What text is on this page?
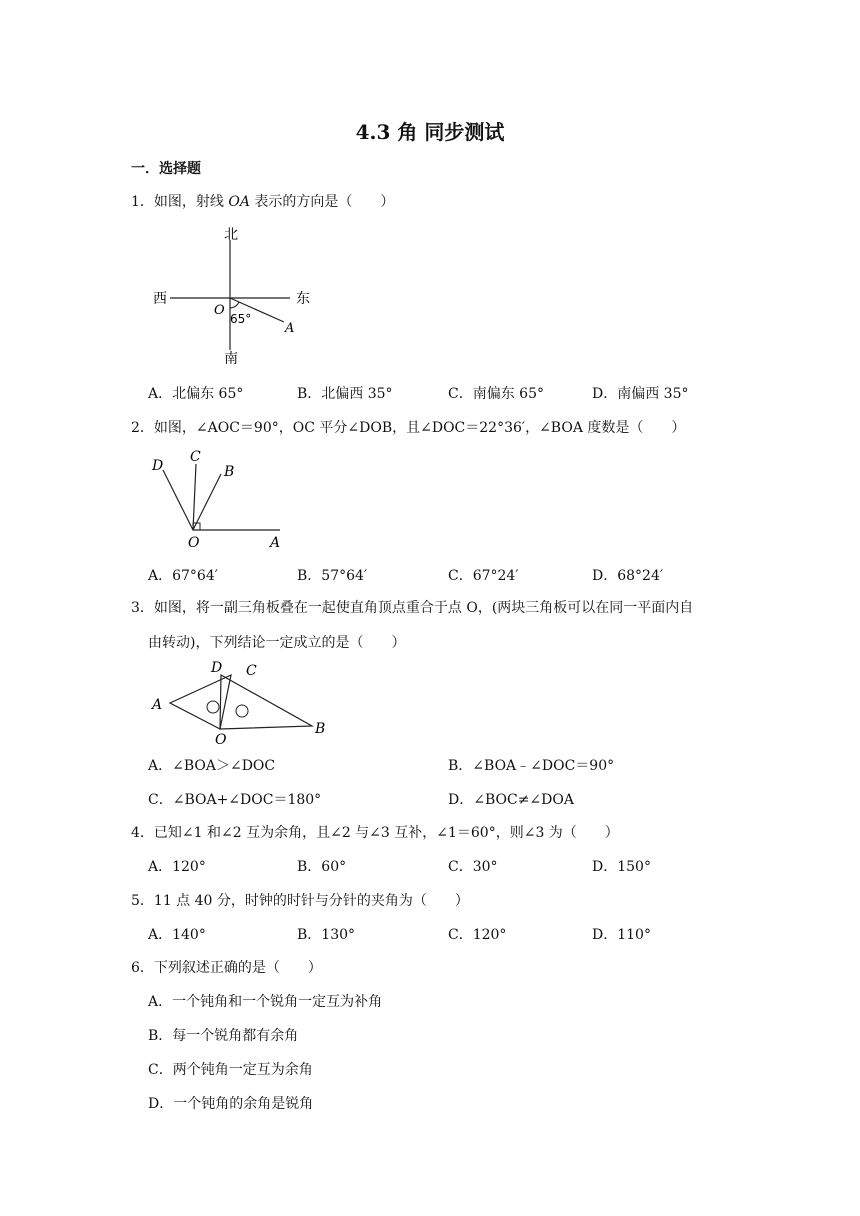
4.3 角 同步测试
一．选择题
1．如图，射线 OA 表示的方向是（　　）
北
南
西	东
O
A
65°
A．北偏东 65°	B．北偏西 35°	C．南偏东 65°	D．南偏西 35°
2．如图，∠AOC＝90°，OC 平分∠DOB，且∠DOC＝22°36′，∠BOA 度数是（　　）
D
C
B
O	A
A．67°64′	B．57°64′	C．67°24′	D．68°24′
3．如图，将一副三角板叠在一起使直角顶点重合于点 O，(两块三角板可以在同一平面内自
由转动)，下列结论一定成立的是（　　）
D C
A
O
B
A．∠BOA＞∠DOC	B．∠BOA﹣∠DOC＝90°
C．∠BOA+∠DOC＝180°	D．∠BOC≠∠DOA
4．已知∠1 和∠2 互为余角，且∠2 与∠3 互补，∠1＝60°，则∠3 为（　　）
A．120°	B．60°	C．30°	D．150°
5．11 点 40 分，时钟的时针与分针的夹角为（　　）
A．140°	B．130°	C．120°	D．110°
6．下列叙述正确的是（　　）
A．一个钝角和一个锐角一定互为补角
B．每一个锐角都有余角
C．两个钝角一定互为余角
D．一个钝角的余角是锐角
